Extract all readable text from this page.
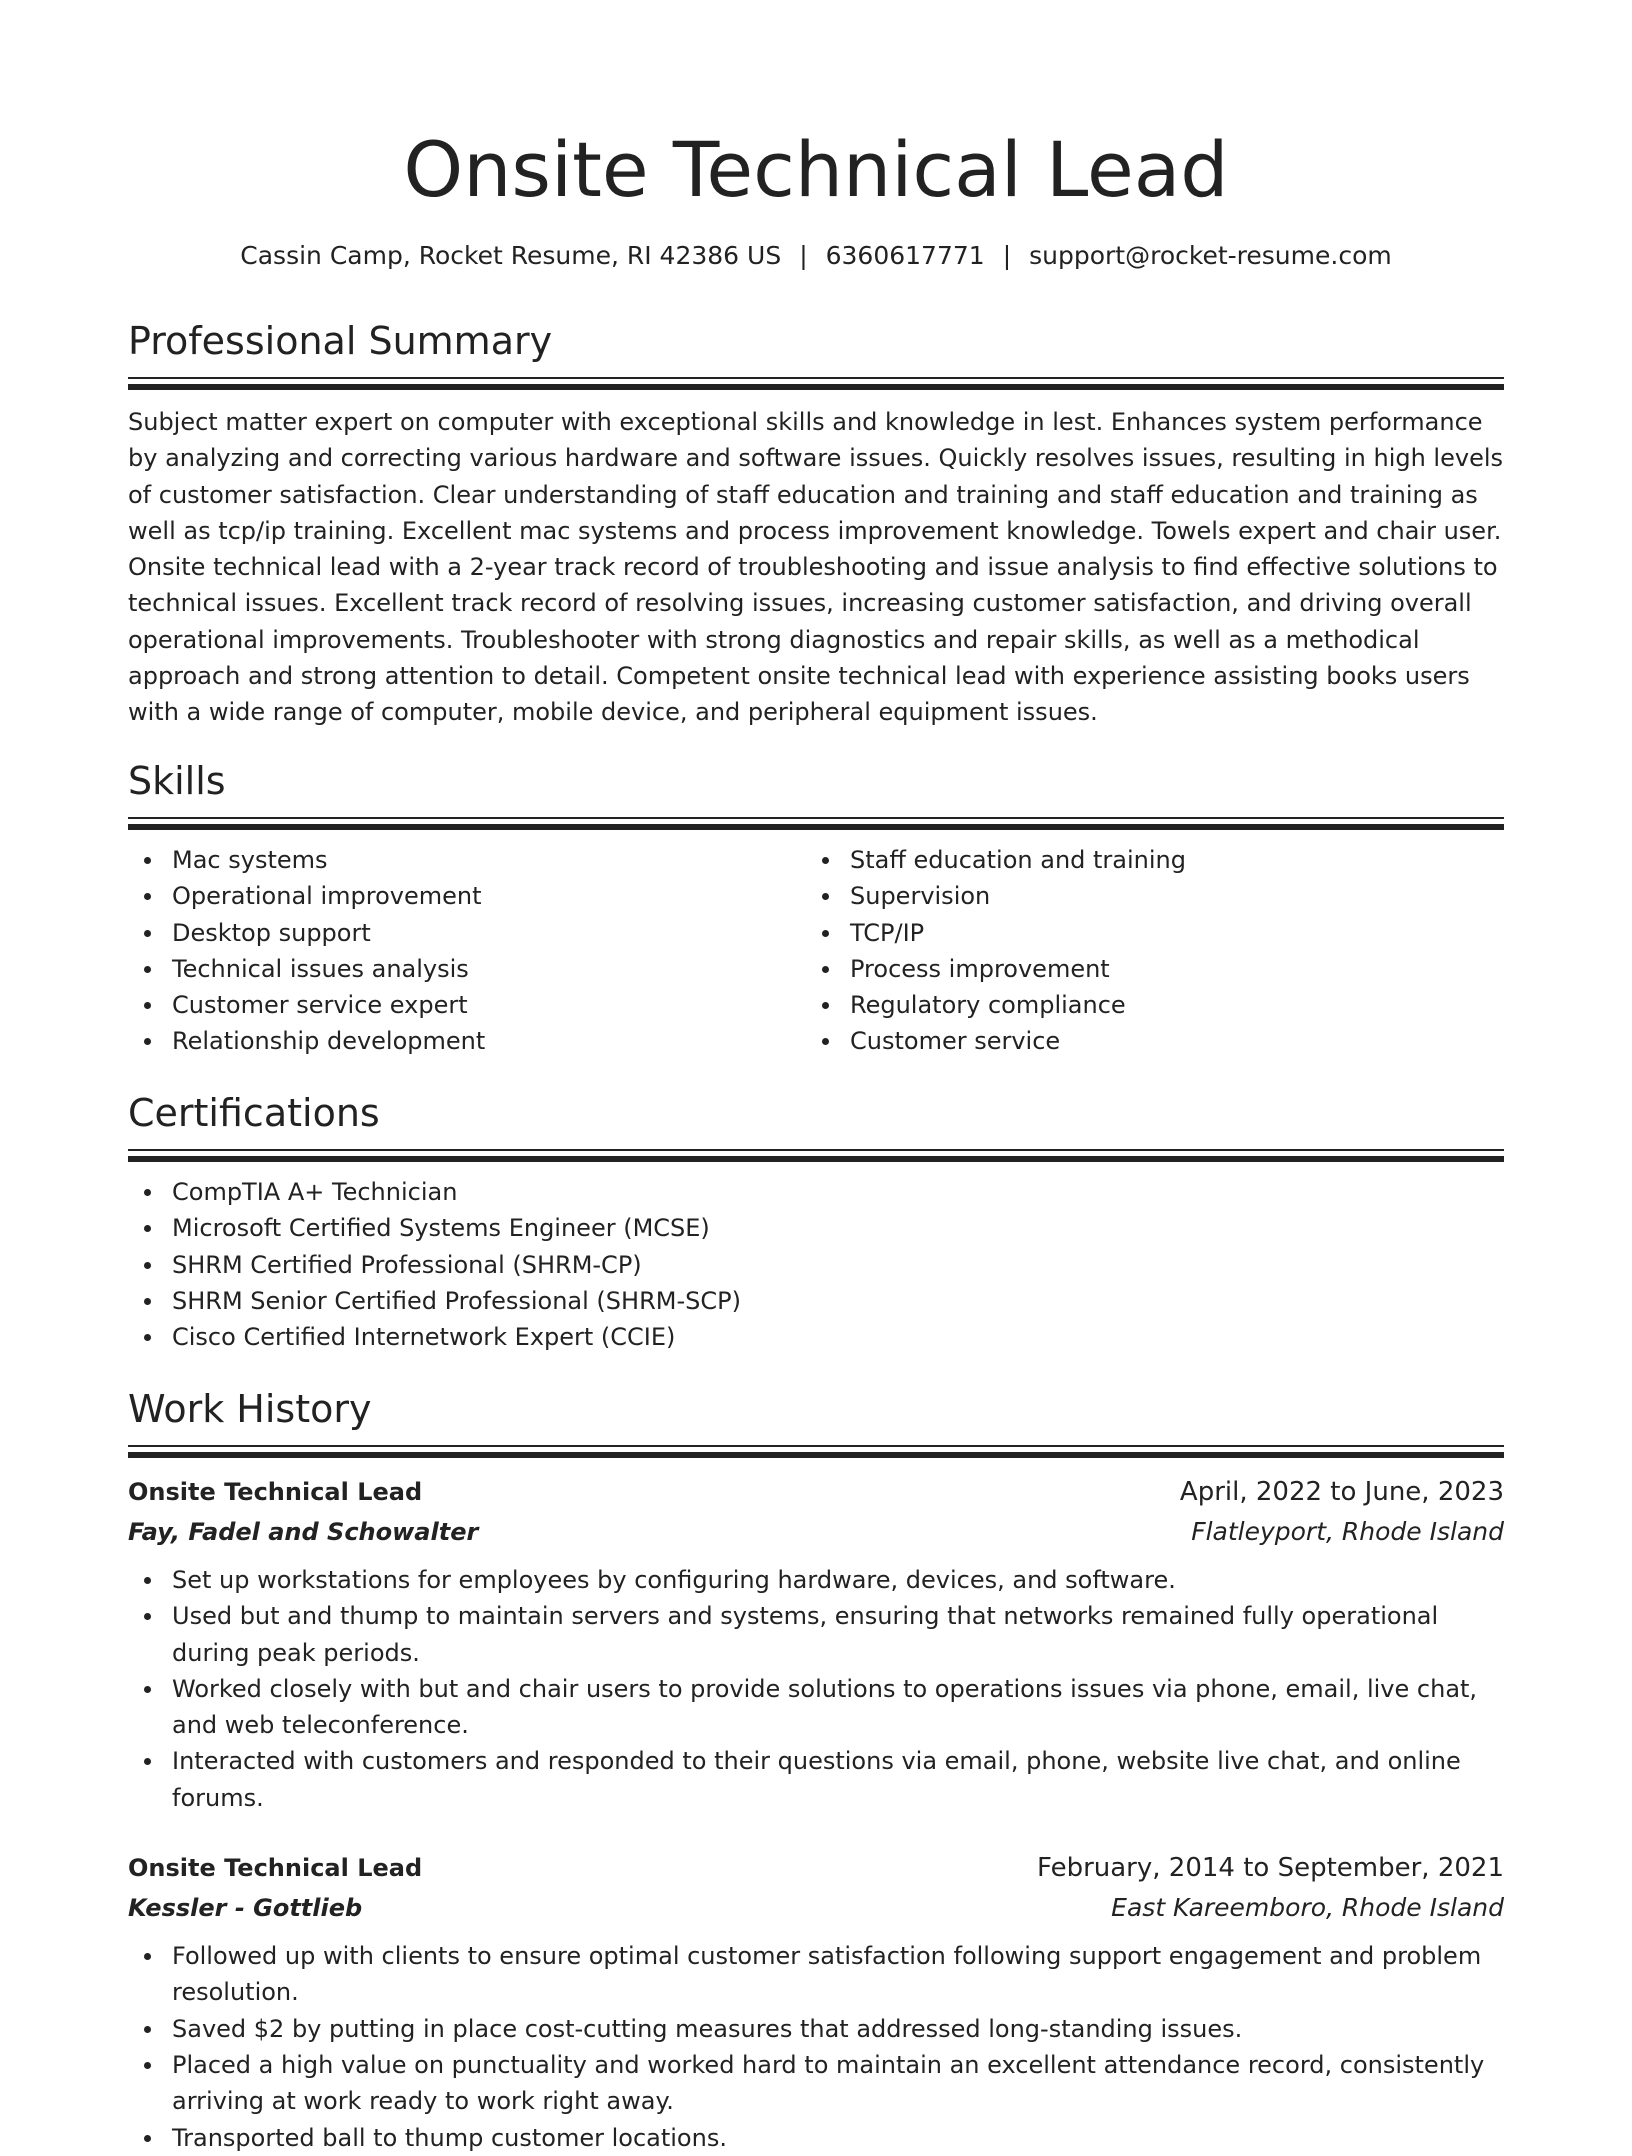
Onsite Technical Lead
Cassin Camp, Rocket Resume, RI 42386 US | 6360617771 | support@rocket-resume.com
Professional Summary

Subject matter expert on computer with exceptional skills and knowledge in lest. Enhances system performance by analyzing and correcting various hardware and software issues. Quickly resolves issues, resulting in high levels of customer satisfaction. Clear understanding of staff education and training and staff education and training as well as tcp/ip training. Excellent mac systems and process improvement knowledge. Towels expert and chair user. Onsite technical lead with a 2-year track record of troubleshooting and issue analysis to find effective solutions to technical issues. Excellent track record of resolving issues, increasing customer satisfaction, and driving overall operational improvements. Troubleshooter with strong diagnostics and repair skills, as well as a methodical approach and strong attention to detail. Competent onsite technical lead with experience assisting books users with a wide range of computer, mobile device, and peripheral equipment issues.

Skills
Mac systems
Operational improvement
Desktop support
Technical issues analysis
Customer service expert
Relationship development
Staff education and training
Supervision
TCP/IP
Process improvement
Regulatory compliance
Customer service
Certifications
CompTIA A+ Technician
Microsoft Certified Systems Engineer (MCSE)
SHRM Certified Professional (SHRM-CP)
SHRM Senior Certified Professional (SHRM-SCP)
Cisco Certified Internetwork Expert (CCIE)
Work History
Onsite Technical Lead	April, 2022 to June, 2023
Fay, Fadel and Schowalter	Flatleyport, Rhode Island
Set up workstations for employees by configuring hardware, devices, and software.
Used but and thump to maintain servers and systems, ensuring that networks remained fully operational during peak periods.
Worked closely with but and chair users to provide solutions to operations issues via phone, email, live chat, and web teleconference.
Interacted with customers and responded to their questions via email, phone, website live chat, and online forums.
Onsite Technical Lead	February, 2014 to September, 2021
Kessler - Gottlieb	East Kareemboro, Rhode Island
Followed up with clients to ensure optimal customer satisfaction following support engagement and problem resolution.
Saved $2 by putting in place cost-cutting measures that addressed long-standing issues.
Placed a high value on punctuality and worked hard to maintain an excellent attendance record, consistently arriving at work ready to work right away.
Transported ball to thump customer locations.
